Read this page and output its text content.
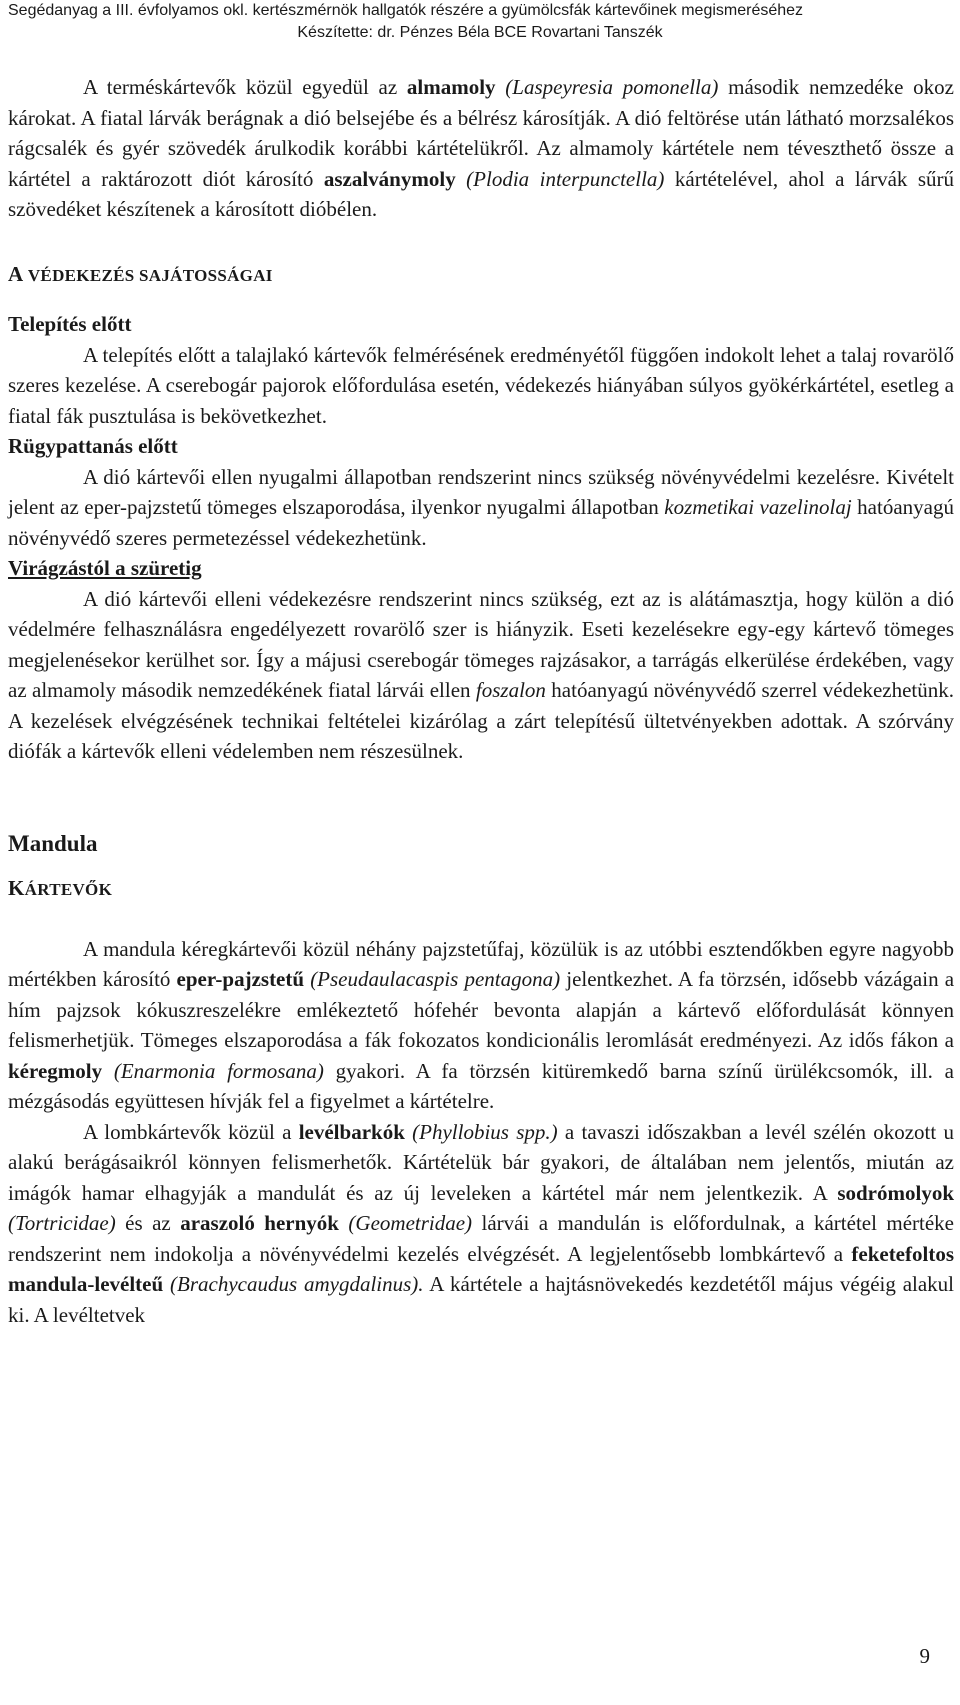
Segédanyag a III. évfolyamos okl. kertészmérnök hallgatók részére a gyümölcsfák kártevőinek megismeréséhez
Készítette: dr. Pénzes Béla BCE Rovartani Tanszék

A terméskártevők közül egyedül az almamoly (Laspeyresia pomonella) második nemzedéke okoz károkat. A fiatal lárvák berágnak a dió belsejébe és a bélrész károsítják. A dió feltörése után látható morzsalékos rágcsalék és gyér szövedék árulkodik korábbi kártételükről. Az almamoly kártétele nem téveszthető össze a kártétel a raktározott diót károsító aszalványmoly (Plodia interpunctella) kártételével, ahol a lárvák sűrű szövedéket készítenek a károsított dióbélen.

A VÉDEKEZÉS SAJÁTOSSÁGAI

Telepítés előtt

A telepítés előtt a talajlakó kártevők felmérésének eredményétől függően indokolt lehet a talaj rovarölő szeres kezelése. A cserebogár pajorok előfordulása esetén, védekezés hiányában súlyos gyökérkártétel, esetleg a fiatal fák pusztulása is bekövetkezhet.

Rügypattanás előtt

A dió kártevői ellen nyugalmi állapotban rendszerint nincs szükség növényvédelmi kezelésre. Kivételt jelent az eper-pajzstetű tömeges elszaporodása, ilyenkor nyugalmi állapotban kozmetikai vazelinolaj hatóanyagú növényvédő szeres permetezéssel védekezhetünk.

Virágzástól a szüretig

A dió kártevői elleni védekezésre rendszerint nincs szükség, ezt az is alátámasztja, hogy külön a dió védelmére felhasználásra engedélyezett rovarölő szer is hiányzik. Eseti kezelésekre egy-egy kártevő tömeges megjelenésekor kerülhet sor. Így a májusi cserebogár tömeges rajzásakor, a tarrágás elkerülése érdekében, vagy az almamoly második nemzedékének fiatal lárvái ellen foszalon hatóanyagú növényvédő szerrel védekezhetünk. A kezelések elvégzésének technikai feltételei kizárólag a zárt telepítésű ültetvényekben adottak. A szórvány diófák a kártevők elleni védelemben nem részesülnek.

Mandula

KÁRTEVŐK

A mandula kéregkártevői közül néhány pajzstetűfaj, közülük is az utóbbi esztendőkben egyre nagyobb mértékben károsító eper-pajzstetű (Pseudaulacaspis pentagona) jelentkezhet. A fa törzsén, idősebb vázágain a hím pajzsok kókuszreszelékre emlékeztető hófehér bevonta alapján a kártevő előfordulását könnyen felismerhetjük. Tömeges elszaporodása a fák fokozatos kondicionális leromlását eredményezi. Az idős fákon a kéregmoly (Enarmonia formosana) gyakori. A fa törzsén kitüremkedő barna színű ürülékcsomók, ill. a mézgásodás együttesen hívják fel a figyelmet a kártételre.

A lombkártevők közül a levélbarkók (Phyllobius spp.) a tavaszi időszakban a levél szélén okozott u alakú berágásaikról könnyen felismerhetők. Kártételük bár gyakori, de általában nem jelentős, miután az imágók hamar elhagyják a mandulát és az új leveleken a kártétel már nem jelentkezik. A sodrómolyok (Tortricidae) és az araszoló hernyók (Geometridae) lárvái a mandulán is előfordulnak, a kártétel mértéke rendszerint nem indokolja a növényvédelmi kezelés elvégzését. A legjelentősebb lombkártevő a feketefoltos mandula-levélteű (Brachycaudus amygdalinus). A kártétele a hajtásnövekedés kezdetétől május végéig alakul ki. A levéltetvek

9
